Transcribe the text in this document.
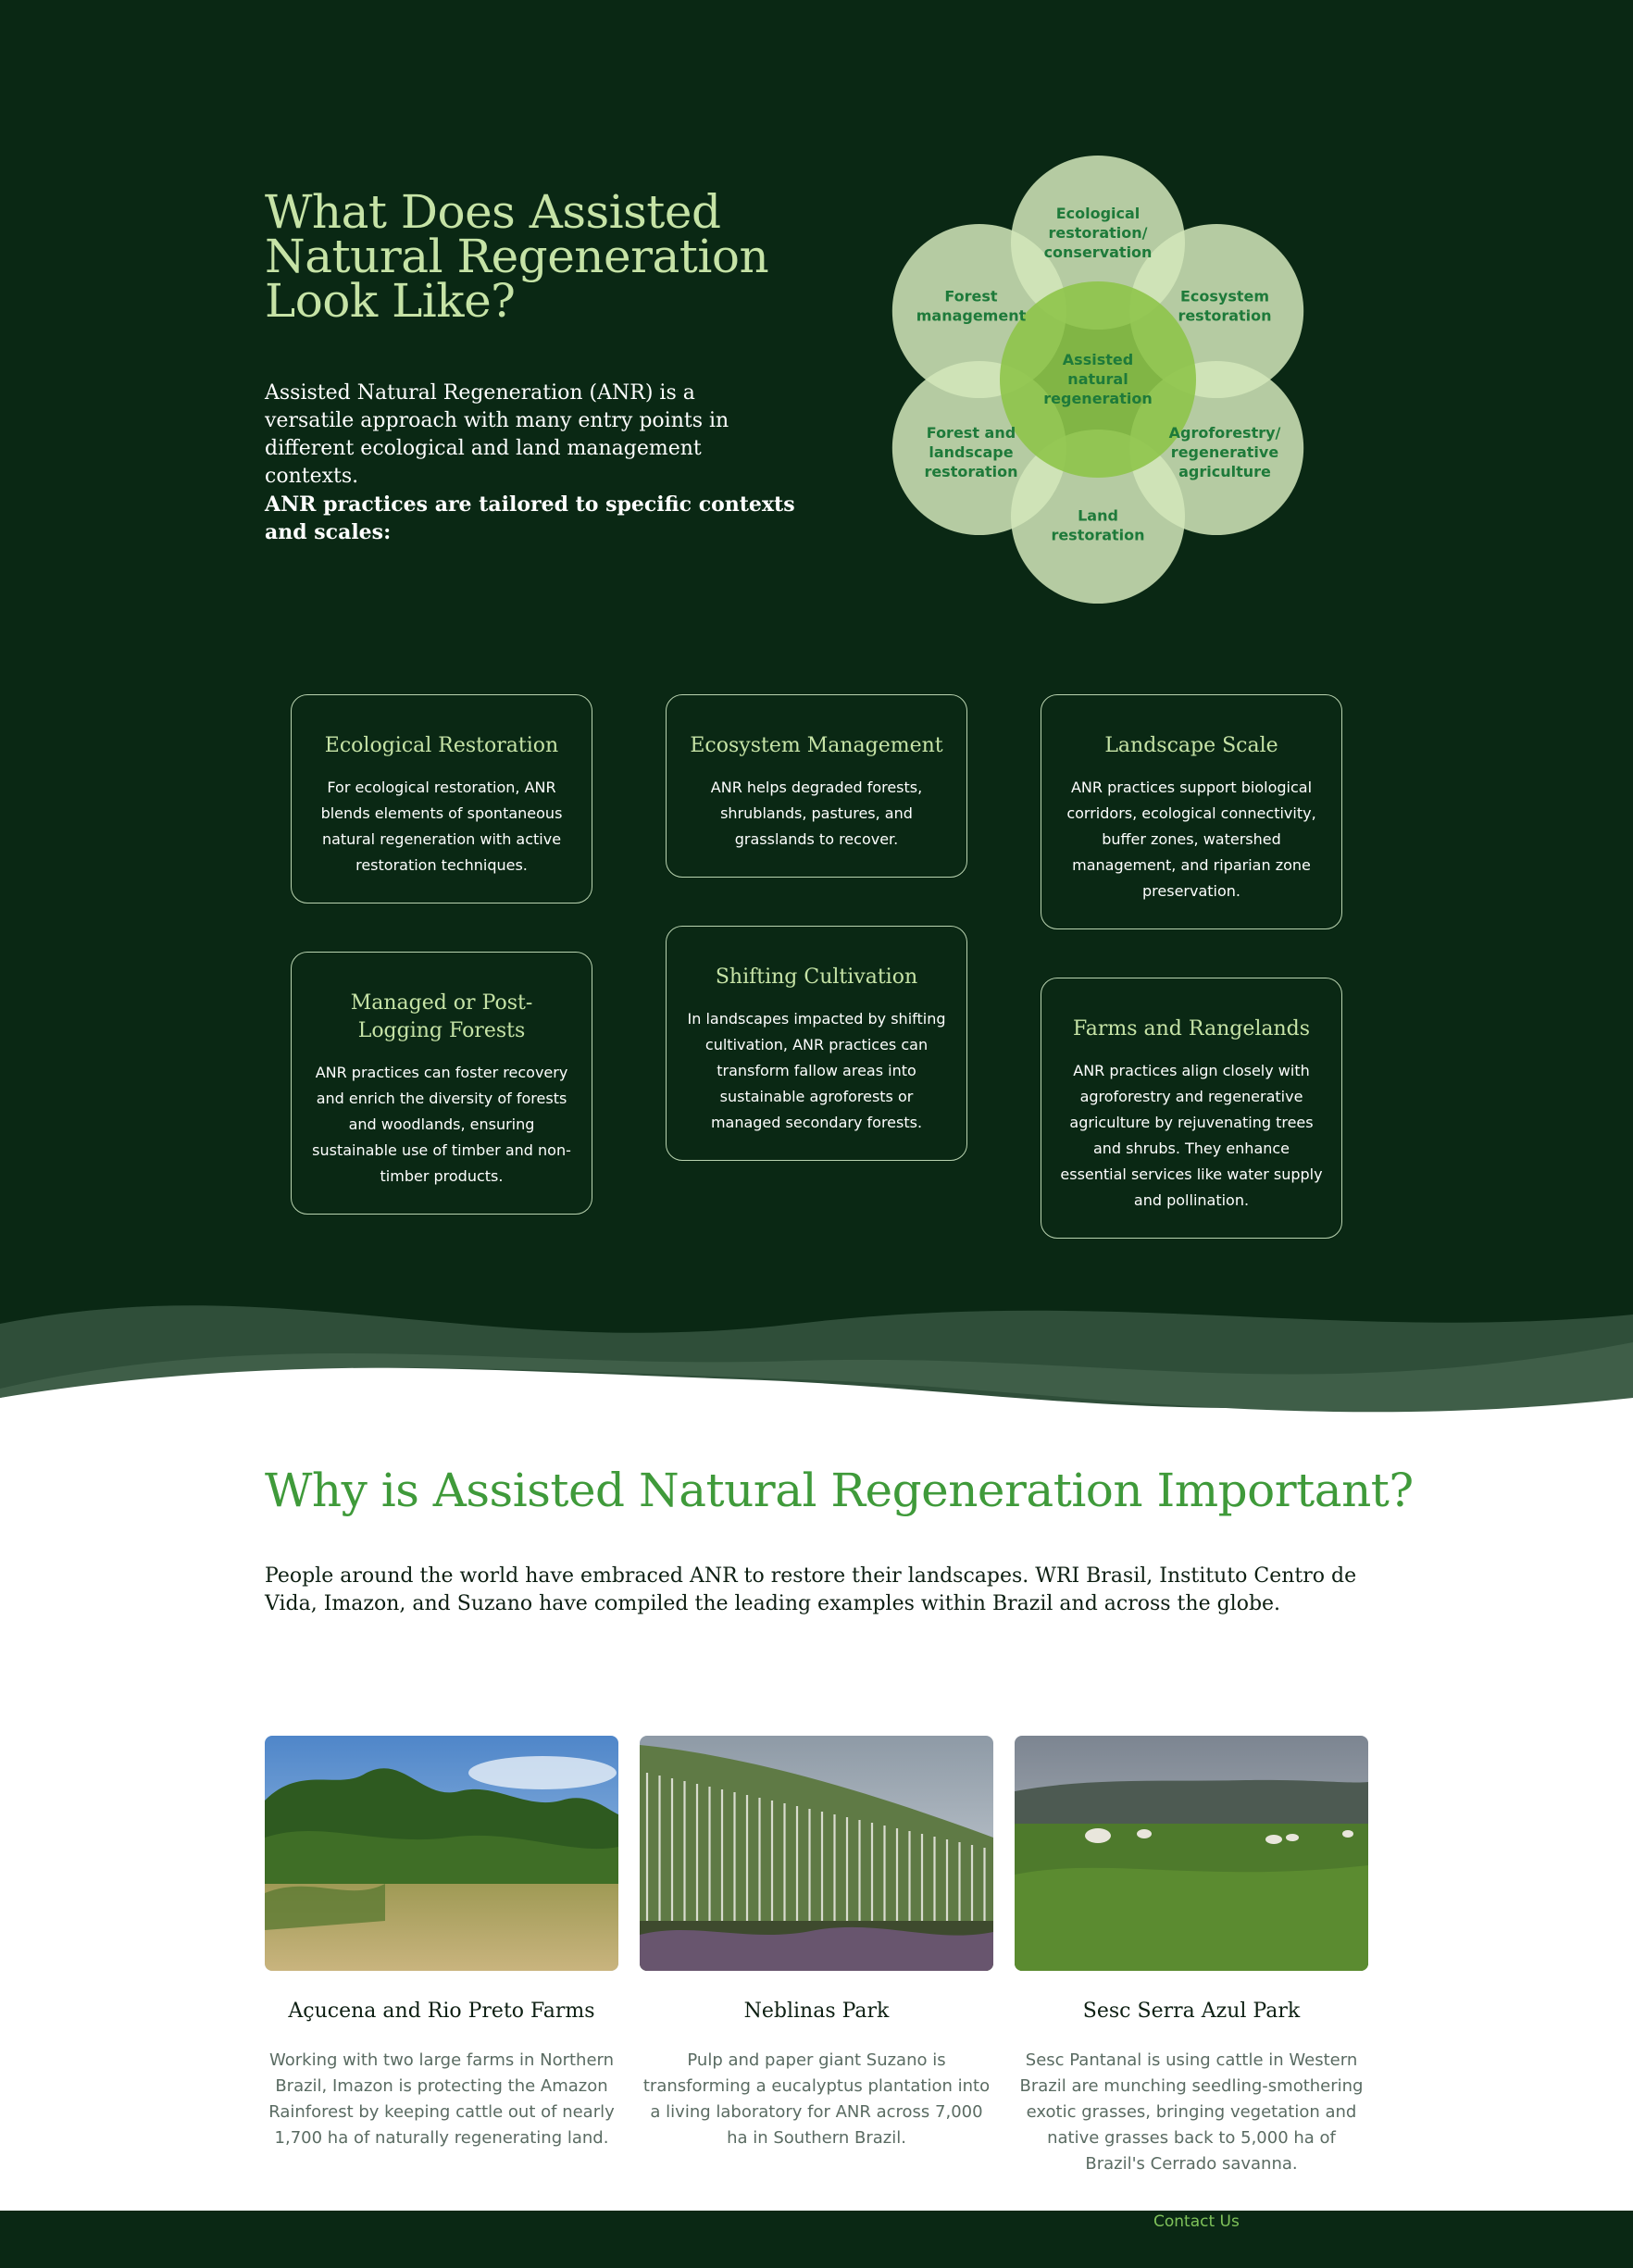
What Does Assisted Natural Regeneration Look Like?

Assisted Natural Regeneration (ANR) is a versatile approach with many entry points in different ecological and land management contexts.

ANR practices are tailored to specific contexts and scales:

Ecological restoration/ conservation
Ecosystem restoration
Agroforestry/ regenerative agriculture
Land restoration
Forest and landscape restoration
Forest management
Assisted natural regeneration
Ecological Restoration
For ecological restoration, ANR blends elements of spontaneous natural regeneration with active restoration techniques.
Ecosystem Management
ANR helps degraded forests, shrublands, pastures, and grasslands to recover.
Landscape Scale
ANR practices support biological corridors, ecological connectivity, buffer zones, watershed management, and riparian zone preservation.
Managed or Post-Logging Forests
ANR practices can foster recovery and enrich the diversity of forests and woodlands, ensuring sustainable use of timber and non-timber products.
Shifting Cultivation
In landscapes impacted by shifting cultivation, ANR practices can transform fallow areas into sustainable agroforests or managed secondary forests.
Farms and Rangelands
ANR practices align closely with agroforestry and regenerative agriculture by rejuvenating trees and shrubs. They enhance essential services like water supply and pollination.
Why is Assisted Natural Regeneration Important?

People around the world have embraced ANR to restore their landscapes. WRI Brasil, Instituto Centro de Vida, Imazon, and Suzano have compiled the leading examples within Brazil and across the globe.

Açucena and Rio Preto Farms
Working with two large farms in Northern Brazil, Imazon is protecting the Amazon Rainforest by keeping cattle out of nearly 1,700 ha of naturally regenerating land.
Neblinas Park
Pulp and paper giant Suzano is transforming a eucalyptus plantation into a living laboratory for ANR across 7,000 ha in Southern Brazil.
Sesc Serra Azul Park
Sesc Pantanal is using cattle in Western Brazil are munching seedling-smothering exotic grasses, bringing vegetation and native grasses back to 5,000 ha of Brazil's Cerrado savanna.
Contact Us
